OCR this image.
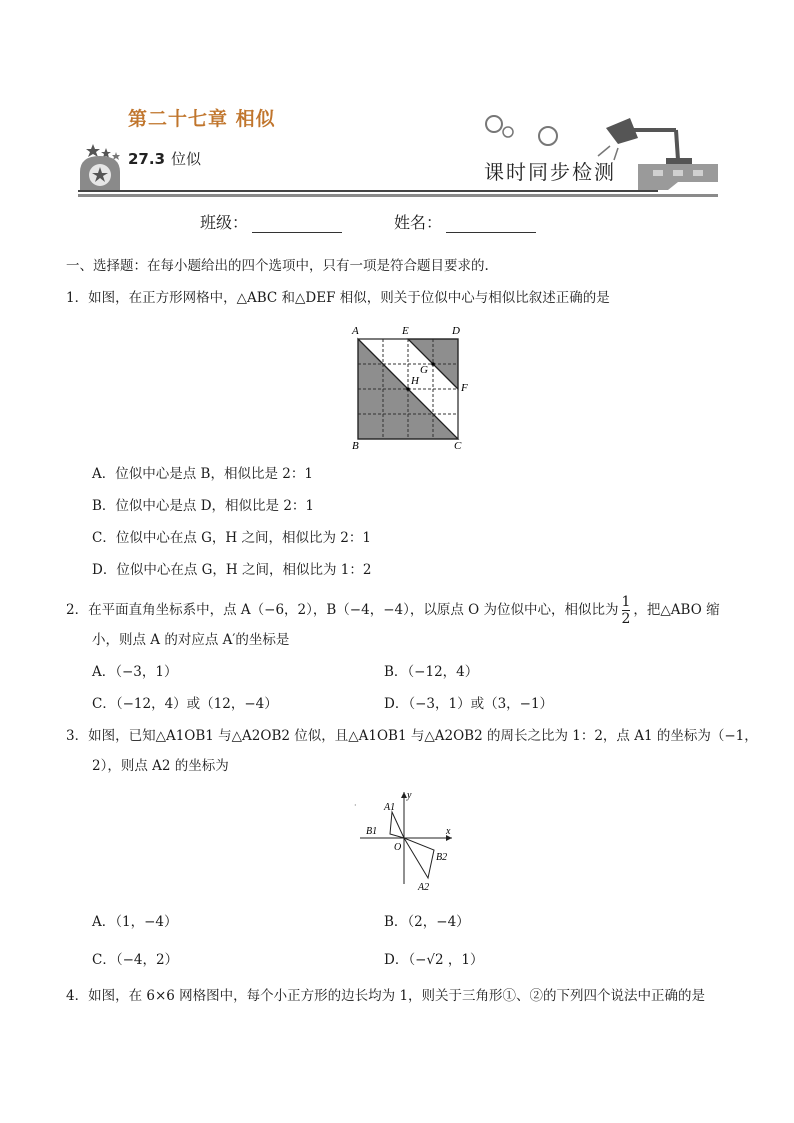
第二十七章 相似
27.3 位似
课时同步检测
班级：	姓名：
一、选择题：在每小题给出的四个选项中，只有一项是符合题目要求的.
1．如图，在正方形网格中，△ABC 和△DEF 相似，则关于位似中心与相似比叙述正确的是
A	E	D
G
H
F
B	C
A．位似中心是点 B，相似比是 2：1
B．位似中心是点 D，相似比是 2：1
C．位似中心在点 G，H 之间，相似比为 2：1
D．位似中心在点 G，H 之间，相似比为 1：2
2．在平面直角坐标系中，点 A（−6，2），B（−4，−4），以原点 O 为位似中心，相似比为 $\frac{1}{2}$ ，把△ABO 缩
小，则点 A 的对应点 A′的坐标是
A．（−3，1）	B．（−12，4）
C．（−12，4）或（12，−4）	D．（−3，1）或（3，−1）
3．如图，已知△A1OB1 与△A2OB2 位似，且△A1OB1 与△A2OB2 的周长之比为 1：2，点 A1 的坐标为（−1，
2），则点 A2 的坐标为
y
A1
B1
O
x
B2
A2
·
A．（1，−4）	B．（2，−4）
C．（−4，2）	D．（−√2 ，1）
4．如图，在 6×6 网格图中，每个小正方形的边长均为 1，则关于三角形①、②的下列四个说法中正确的是
